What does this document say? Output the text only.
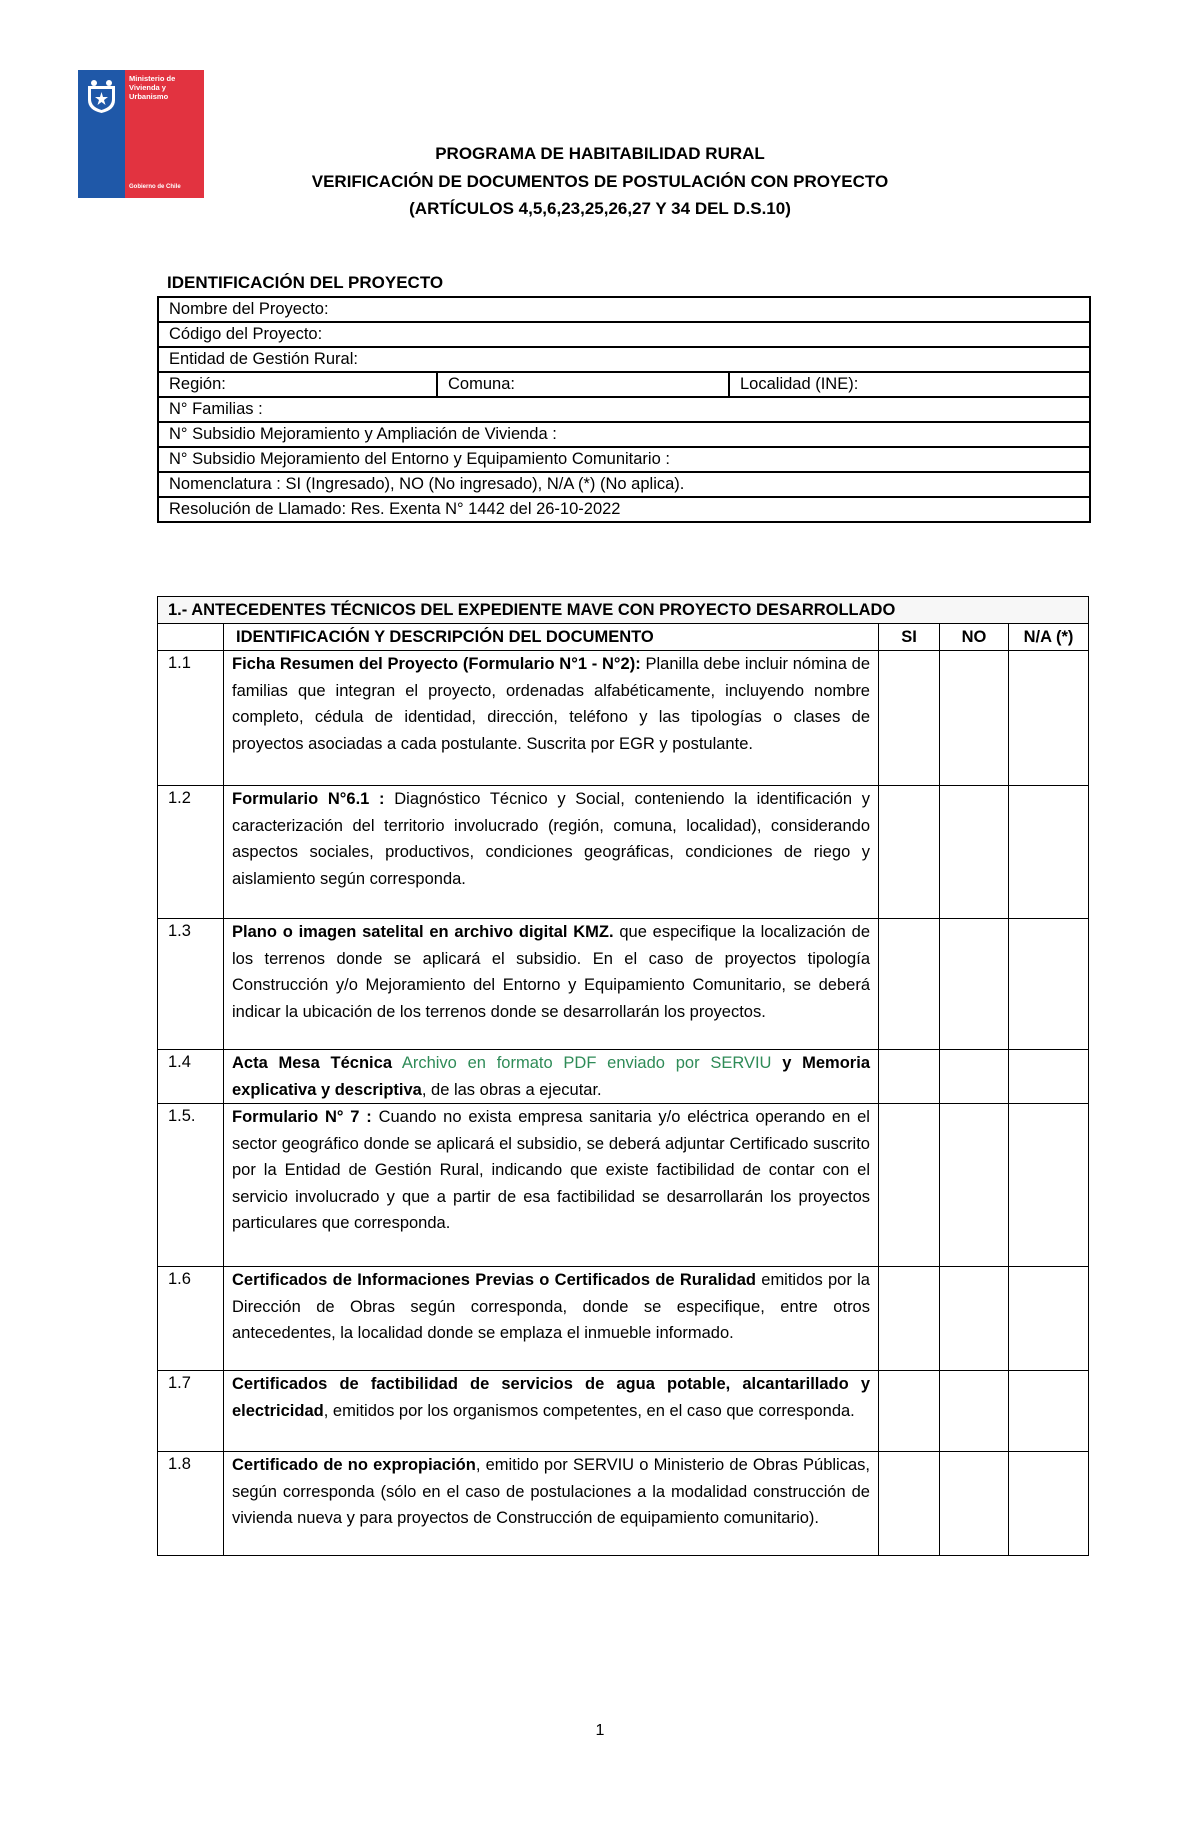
Ministerio de
Vivienda y
Urbanismo
Gobierno de Chile
PROGRAMA DE HABITABILIDAD RURAL
VERIFICACIÓN DE DOCUMENTOS DE POSTULACIÓN CON PROYECTO
(ARTÍCULOS 4,5,6,23,25,26,27 Y 34 DEL D.S.10)
IDENTIFICACIÓN DEL PROYECTO
Nombre del Proyecto:
Código del Proyecto:
Entidad de Gestión Rural:
Región:	Comuna:	Localidad (INE):
N° Familias :
N° Subsidio Mejoramiento y Ampliación de Vivienda :
N° Subsidio Mejoramiento del Entorno y Equipamiento Comunitario :
Nomenclatura : SI (Ingresado), NO (No ingresado), N/A (*) (No aplica).
Resolución de Llamado: Res. Exenta N° 1442 del 26-10-2022
1.- ANTECEDENTES TÉCNICOS DEL EXPEDIENTE MAVE CON PROYECTO DESARROLLADO				
	IDENTIFICACIÓN Y DESCRIPCIÓN DEL DOCUMENTO	SI	NO	N/A (*)
1.1	Ficha Resumen del Proyecto (Formulario N°1 - N°2): Planilla debe incluir nómina de familias que integran el proyecto, ordenadas alfabéticamente, incluyendo nombre completo, cédula de identidad, dirección, teléfono y las tipologías o clases de proyectos asociadas a cada postulante. Suscrita por EGR y postulante.			
1.2	Formulario N°6.1 : Diagnóstico Técnico y Social, conteniendo la identificación y caracterización del territorio involucrado (región, comuna, localidad), considerando aspectos sociales, productivos, condiciones geográficas, condiciones de riego y aislamiento según corresponda.			
1.3	Plano o imagen satelital en archivo digital KMZ. que especifique la localización de los terrenos donde se aplicará el subsidio. En el caso de proyectos tipología Construcción y/o Mejoramiento del Entorno y Equipamiento Comunitario, se deberá indicar la ubicación de los terrenos donde se desarrollarán los proyectos.			
1.4	Acta Mesa Técnica Archivo en formato PDF enviado por SERVIU y Memoria explicativa y descriptiva, de las obras a ejecutar.			
1.5.	Formulario N° 7 : Cuando no exista empresa sanitaria y/o eléctrica operando en el sector geográfico donde se aplicará el subsidio, se deberá adjuntar Certificado suscrito por la Entidad de Gestión Rural, indicando que existe factibilidad de contar con el servicio involucrado y que a partir de esa factibilidad se desarrollarán los proyectos particulares que corresponda.			
1.6	Certificados de Informaciones Previas o Certificados de Ruralidad emitidos por la Dirección de Obras según corresponda, donde se especifique, entre otros antecedentes, la localidad donde se emplaza el inmueble informado.			
1.7	Certificados de factibilidad de servicios de agua potable, alcantarillado y electricidad, emitidos por los organismos competentes, en el caso que corresponda.			
1.8	Certificado de no expropiación, emitido por SERVIU o Ministerio de Obras Públicas, según corresponda (sólo en el caso de postulaciones a la modalidad construcción de vivienda nueva y para proyectos de Construcción de equipamiento comunitario).			
1
